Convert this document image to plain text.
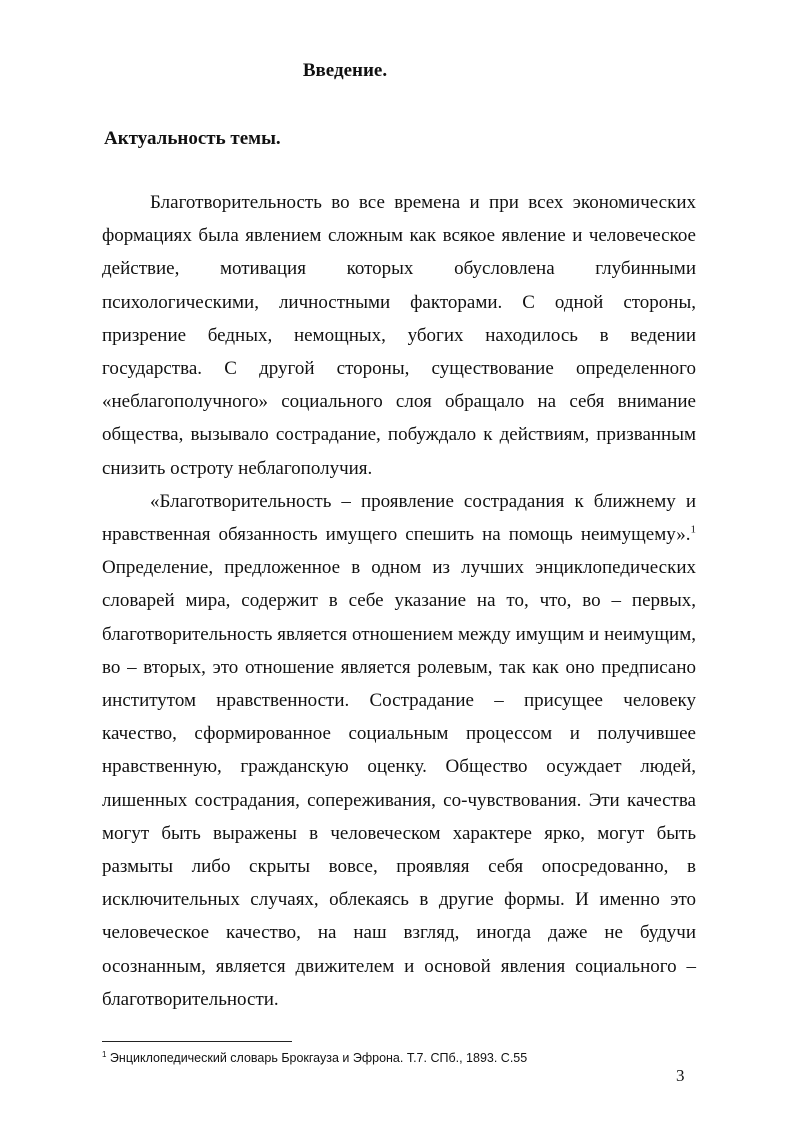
Введение.
Актуальность темы.

Благотворительность во все времена и при всех экономических формациях была явлением сложным как всякое явление и человеческое действие, мотивация которых обусловлена глубинными психологическими, личностными факторами. С одной стороны, призрение бедных, немощных, убогих находилось в ведении государства. С другой стороны, существование определенного «неблагополучного» социального слоя обращало на себя внимание общества, вызывало сострадание, побуждало к действиям, призванным снизить остроту неблагополучия.

«Благотворительность – проявление сострадания к ближнему и нравственная обязанность имущего спешить на помощь неимущему».$^1$ Определение, предложенное в одном из лучших энциклопедических словарей мира, содержит в себе указание на то, что, во – первых, благотворительность является отношением между имущим и неимущим, во – вторых, это отношение является ролевым, так как оно предписано институтом нравственности. Сострадание – присущее человеку качество, сформированное социальным процессом и получившее нравственную, гражданскую оценку. Общество осуждает людей, лишенных сострадания, сопереживания, со-чувствования. Эти качества могут быть выражены в человеческом характере ярко, могут быть размыты либо скрыты вовсе, проявляя себя опосредованно, в исключительных случаях, облекаясь в другие формы. И именно это человеческое качество, на наш взгляд, иногда даже не будучи осознанным, является движителем и основой явления социального – благотворительности.

$^1$ Энциклопедический словарь Брокгауза и Эфрона. Т.7. СПб., 1893. С.55
3
